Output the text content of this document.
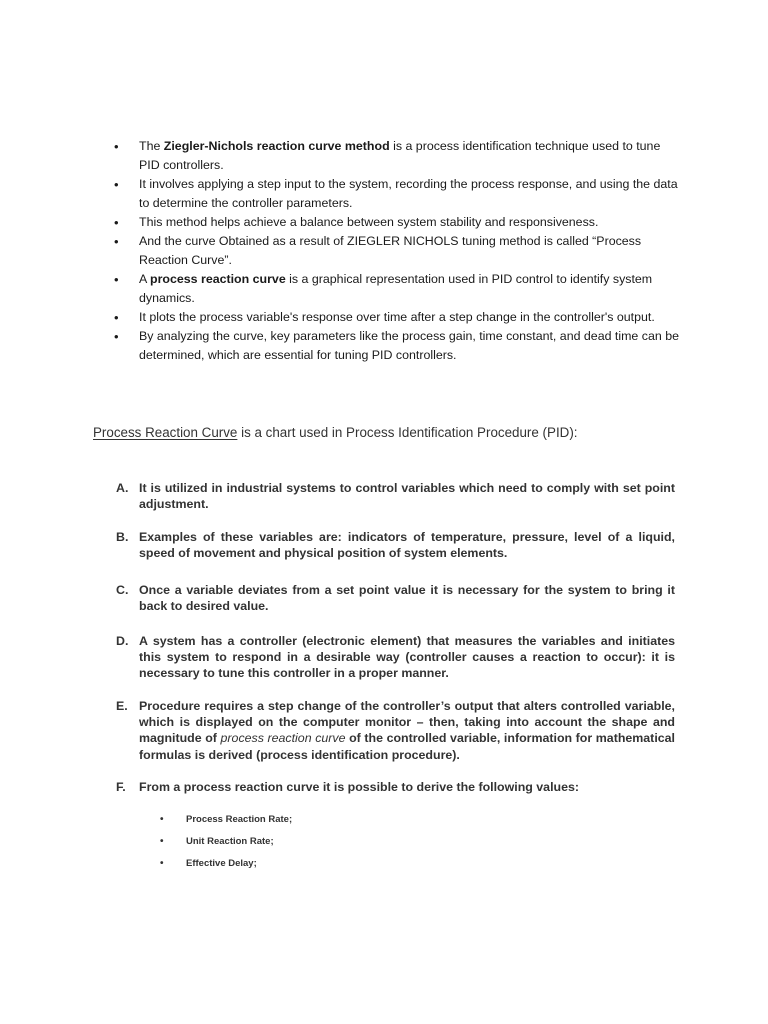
• The Ziegler-Nichols reaction curve method is a process identification technique used to tune PID controllers.
• It involves applying a step input to the system, recording the process response, and using the data to determine the controller parameters.
• This method helps achieve a balance between system stability and responsiveness.
• And the curve Obtained as a result of ZIEGLER NICHOLS tuning method is called “Process Reaction Curve”.
• A process reaction curve is a graphical representation used in PID control to identify system dynamics.
• It plots the process variable's response over time after a step change in the controller's output.
• By analyzing the curve, key parameters like the process gain, time constant, and dead time can be determined, which are essential for tuning PID controllers.
Process Reaction Curve is a chart used in Process Identification Procedure (PID):
A. It is utilized in industrial systems to control variables which need to comply with set point adjustment.
B. Examples of these variables are: indicators of temperature, pressure, level of a liquid, speed of movement and physical position of system elements.
C. Once a variable deviates from a set point value it is necessary for the system to bring it back to desired value.
D. A system has a controller (electronic element) that measures the variables and initiates this system to respond in a desirable way (controller causes a reaction to occur): it is necessary to tune this controller in a proper manner.
E. Procedure requires a step change of the controller’s output that alters controlled variable, which is displayed on the computer monitor – then, taking into account the shape and magnitude of process reaction curve of the controlled variable, information for mathematical formulas is derived (process identification procedure).
F. From a process reaction curve it is possible to derive the following values:
• Process Reaction Rate;
• Unit Reaction Rate;
• Effective Delay;
